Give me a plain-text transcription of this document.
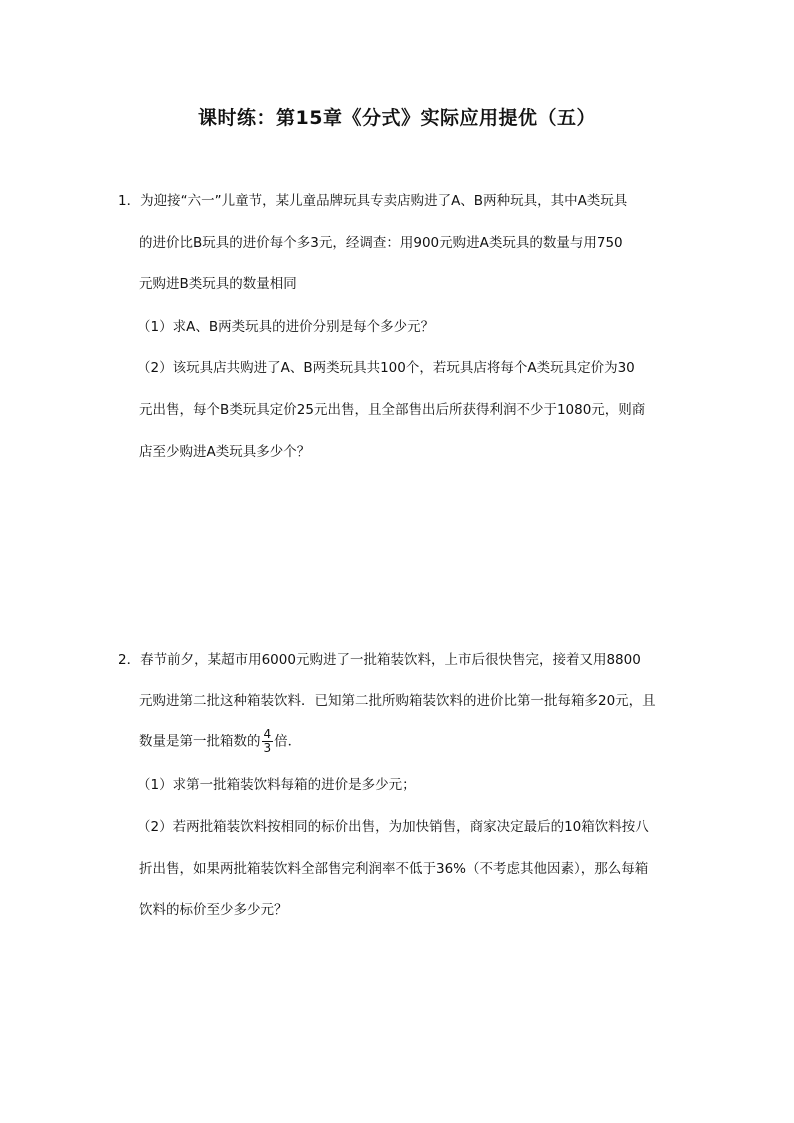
课时练：第15章《分式》实际应用提优（五）
1．为迎接“六一”儿童节，某儿童品牌玩具专卖店购进了A、B两种玩具，其中A类玩具
的进价比B玩具的进价每个多3元，经调查：用900元购进A类玩具的数量与用750
元购进B类玩具的数量相同
（1）求A、B两类玩具的进价分别是每个多少元？
（2）该玩具店共购进了A、B两类玩具共100个，若玩具店将每个A类玩具定价为30
元出售，每个B类玩具定价25元出售，且全部售出后所获得利润不少于1080元，则商
店至少购进A类玩具多少个？
2．春节前夕，某超市用6000元购进了一批箱装饮料，上市后很快售完，接着又用8800
元购进第二批这种箱装饮料．已知第二批所购箱装饮料的进价比第一批每箱多20元，且
数量是第一批箱数的 $\frac{4}{3}$ 倍．
（1）求第一批箱装饮料每箱的进价是多少元；
（2）若两批箱装饮料按相同的标价出售，为加快销售，商家决定最后的10箱饮料按八
折出售，如果两批箱装饮料全部售完利润率不低于36%（不考虑其他因素），那么每箱
饮料的标价至少多少元？
